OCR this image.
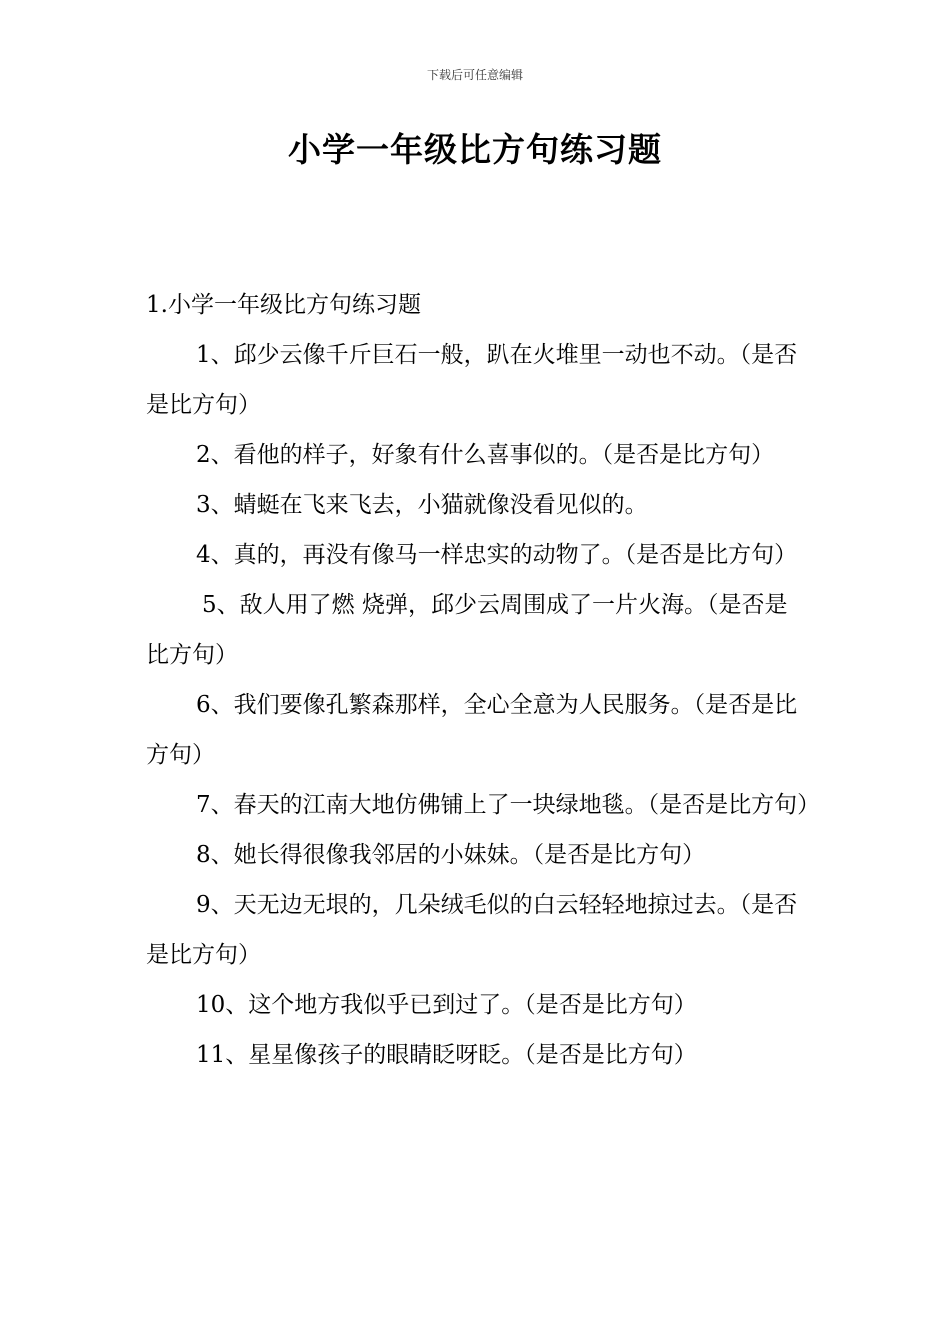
下载后可任意编辑
小学一年级比方句练习题

1.小学一年级比方句练习题

1、邱少云像千斤巨石一般，趴在火堆里一动也不动。（是否是比方句）

2、看他的样子，好象有什么喜事似的。（是否是比方句）

3、蜻蜓在飞来飞去，小猫就像没看见似的。

4、真的，再没有像马一样忠实的动物了。（是否是比方句）

5、敌人用了燃 烧弹，邱少云周围成了一片火海。（是否是比方句）

6、我们要像孔繁森那样，全心全意为人民服务。（是否是比方句）

7、春天的江南大地仿佛铺上了一块绿地毯。（是否是比方句）

8、她长得很像我邻居的小妹妹。（是否是比方句）

9、天无边无垠的，几朵绒毛似的白云轻轻地掠过去。（是否是比方句）

10、这个地方我似乎已到过了。（是否是比方句）

11、星星像孩子的眼睛眨呀眨。（是否是比方句）
